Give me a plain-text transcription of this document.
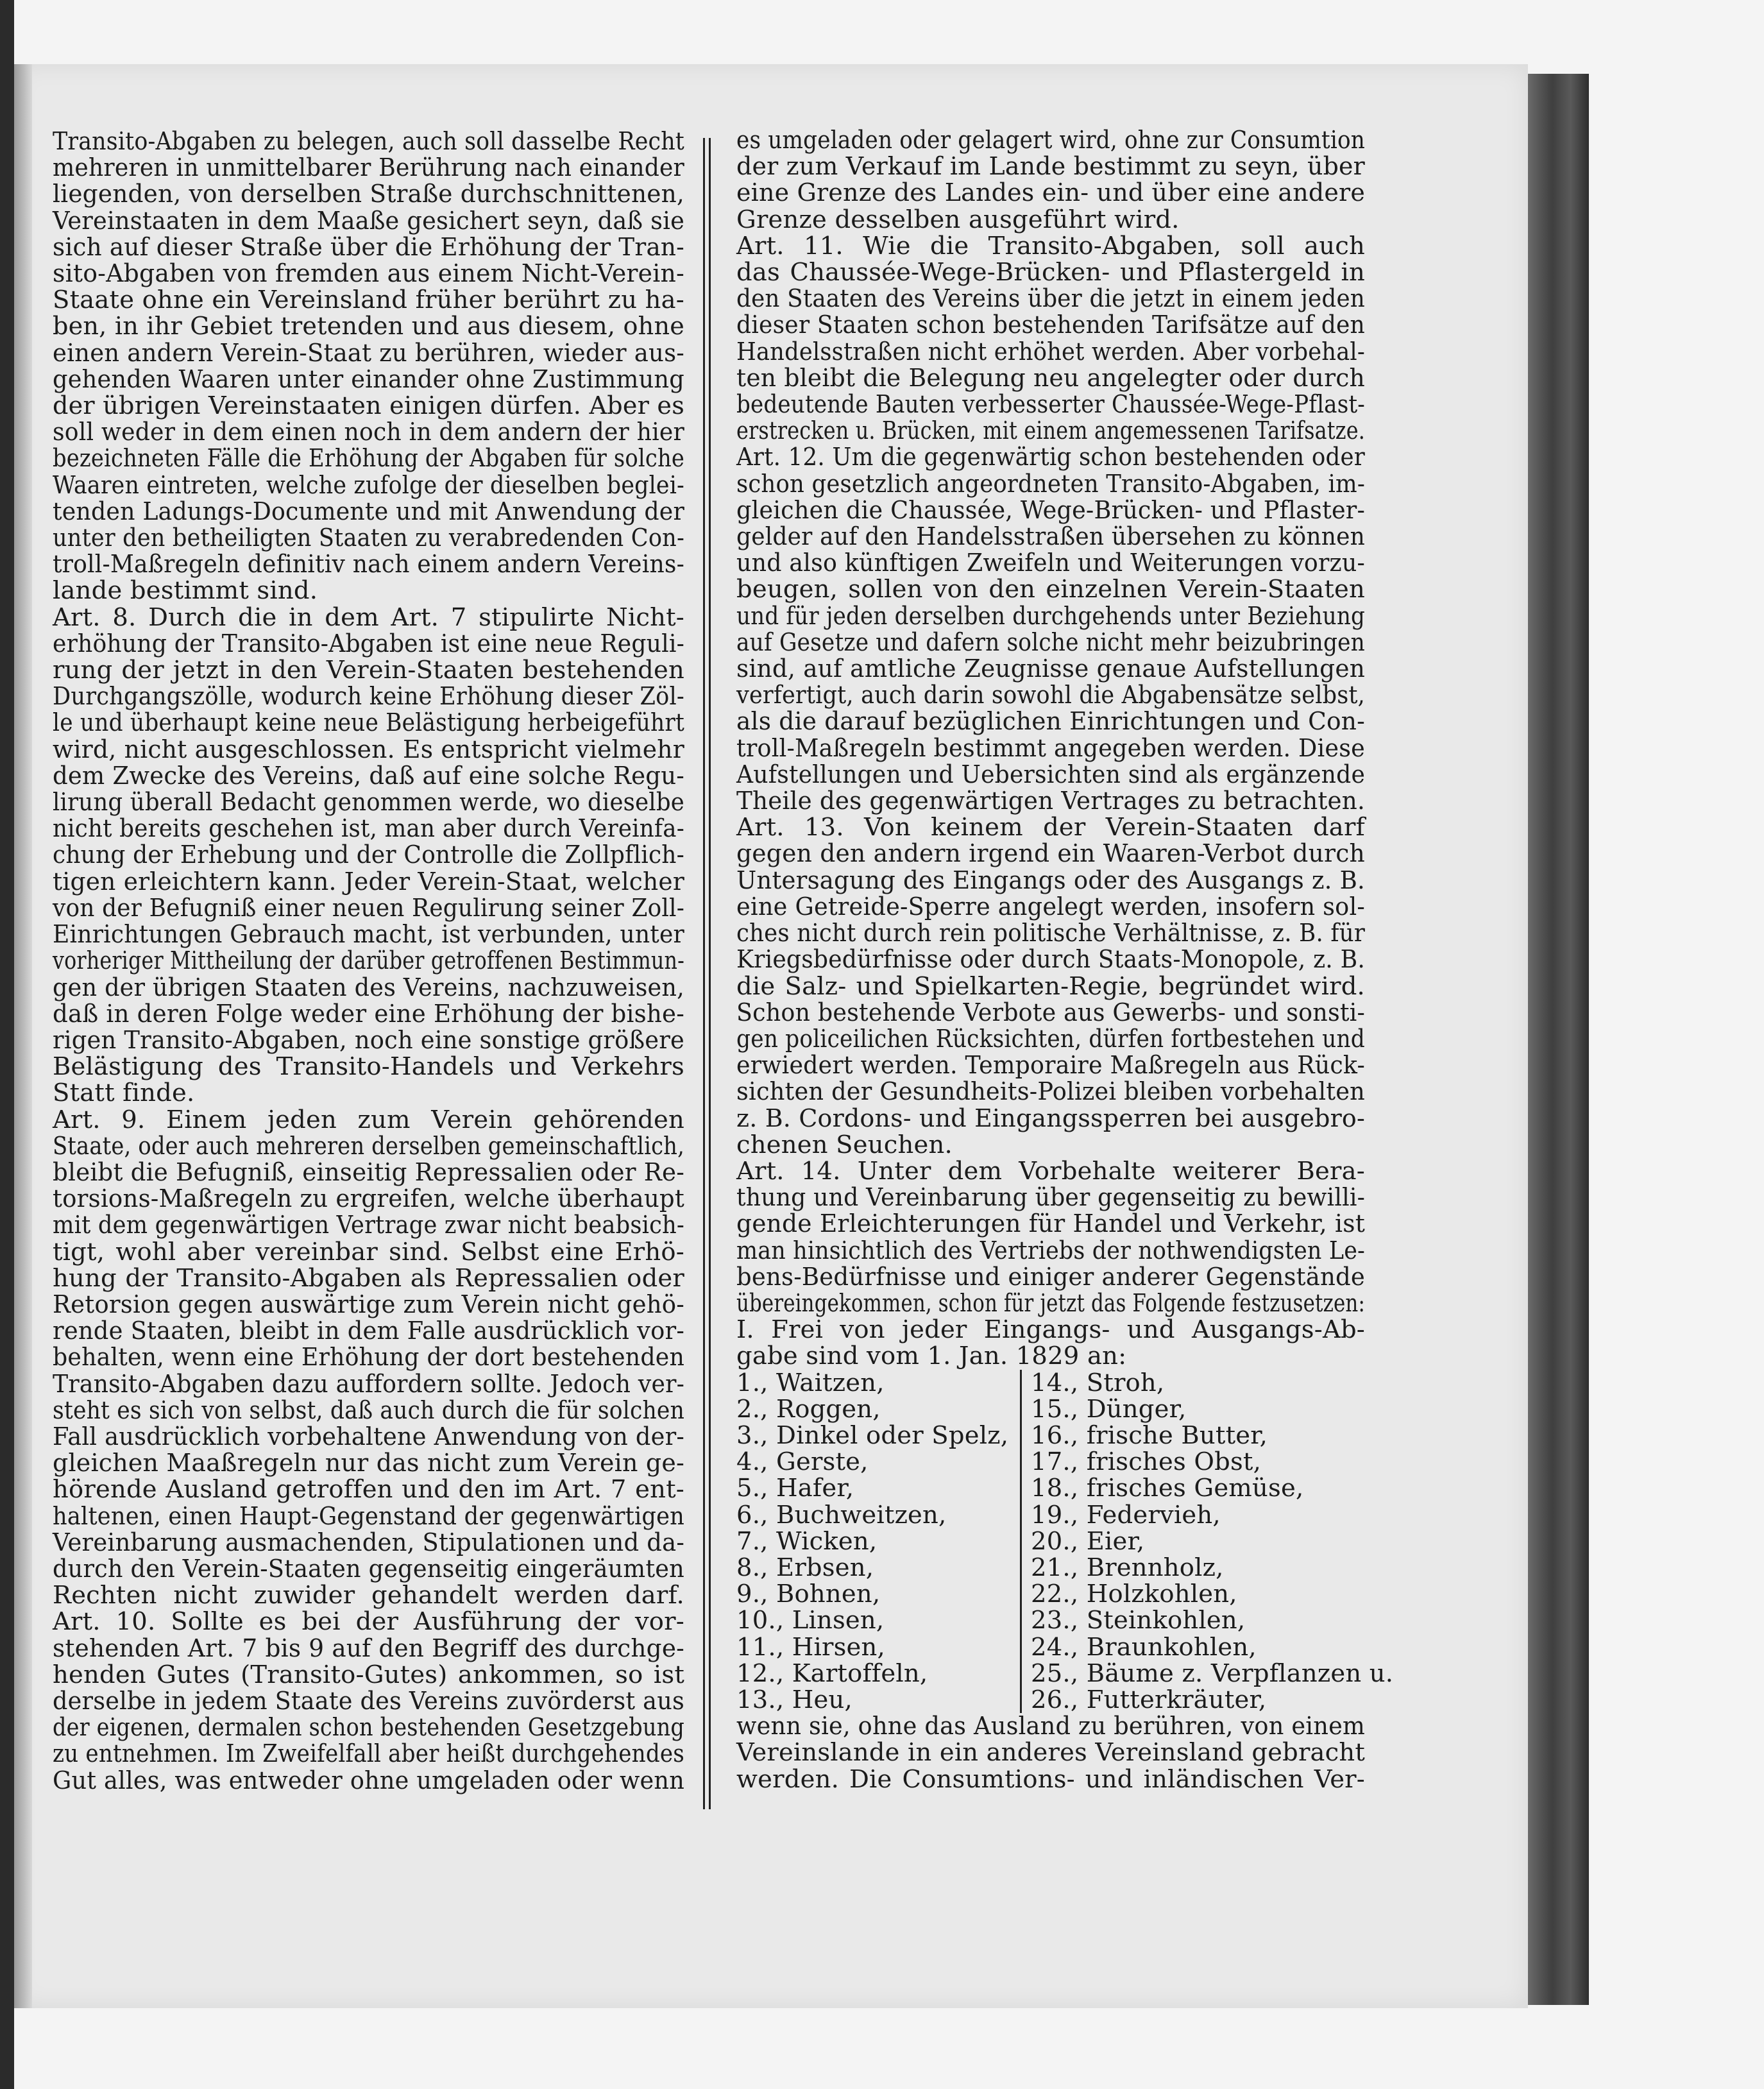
Transito-Abgaben zu belegen, auch soll dasselbe Recht
mehreren in unmittelbarer Berührung nach einander
liegenden, von derselben Straße durchschnittenen,
Vereinstaaten in dem Maaße gesichert seyn, daß sie
sich auf dieser Straße über die Erhöhung der Tran-
sito-Abgaben von fremden aus einem Nicht-Verein-
Staate ohne ein Vereinsland früher berührt zu ha-
ben, in ihr Gebiet tretenden und aus diesem, ohne
einen andern Verein-Staat zu berühren, wieder aus-
gehenden Waaren unter einander ohne Zustimmung
der übrigen Vereinstaaten einigen dürfen. Aber es
soll weder in dem einen noch in dem andern der hier
bezeichneten Fälle die Erhöhung der Abgaben für solche
Waaren eintreten, welche zufolge der dieselben beglei-
tenden Ladungs-Documente und mit Anwendung der
unter den betheiligten Staaten zu verabredenden Con-
troll-Maßregeln definitiv nach einem andern Vereins-
lande bestimmt sind.
Art. 8. Durch die in dem Art. 7 stipulirte Nicht-
erhöhung der Transito-Abgaben ist eine neue Reguli-
rung der jetzt in den Verein-Staaten bestehenden
Durchgangszölle, wodurch keine Erhöhung dieser Zöl-
le und überhaupt keine neue Belästigung herbeigeführt
wird, nicht ausgeschlossen. Es entspricht vielmehr
dem Zwecke des Vereins, daß auf eine solche Regu-
lirung überall Bedacht genommen werde, wo dieselbe
nicht bereits geschehen ist, man aber durch Vereinfa-
chung der Erhebung und der Controlle die Zollpflich-
tigen erleichtern kann. Jeder Verein-Staat, welcher
von der Befugniß einer neuen Regulirung seiner Zoll-
Einrichtungen Gebrauch macht, ist verbunden, unter
vorheriger Mittheilung der darüber getroffenen Bestimmun-
gen der übrigen Staaten des Vereins, nachzuweisen,
daß in deren Folge weder eine Erhöhung der bishe-
rigen Transito-Abgaben, noch eine sonstige größere
Belästigung des Transito-Handels und Verkehrs
Statt finde.
Art. 9. Einem jeden zum Verein gehörenden
Staate, oder auch mehreren derselben gemeinschaftlich,
bleibt die Befugniß, einseitig Repressalien oder Re-
torsions-Maßregeln zu ergreifen, welche überhaupt
mit dem gegenwärtigen Vertrage zwar nicht beabsich-
tigt, wohl aber vereinbar sind. Selbst eine Erhö-
hung der Transito-Abgaben als Repressalien oder
Retorsion gegen auswärtige zum Verein nicht gehö-
rende Staaten, bleibt in dem Falle ausdrücklich vor-
behalten, wenn eine Erhöhung der dort bestehenden
Transito-Abgaben dazu auffordern sollte. Jedoch ver-
steht es sich von selbst, daß auch durch die für solchen
Fall ausdrücklich vorbehaltene Anwendung von der-
gleichen Maaßregeln nur das nicht zum Verein ge-
hörende Ausland getroffen und den im Art. 7 ent-
haltenen, einen Haupt-Gegenstand der gegenwärtigen
Vereinbarung ausmachenden, Stipulationen und da-
durch den Verein-Staaten gegenseitig eingeräumten
Rechten nicht zuwider gehandelt werden darf.
Art. 10. Sollte es bei der Ausführung der vor-
stehenden Art. 7 bis 9 auf den Begriff des durchge-
henden Gutes (Transito-Gutes) ankommen, so ist
derselbe in jedem Staate des Vereins zuvörderst aus
der eigenen, dermalen schon bestehenden Gesetzgebung
zu entnehmen. Im Zweifelfall aber heißt durchgehendes
Gut alles, was entweder ohne umgeladen oder wenn
es umgeladen oder gelagert wird, ohne zur Consumtion
der zum Verkauf im Lande bestimmt zu seyn, über
eine Grenze des Landes ein- und über eine andere
Grenze desselben ausgeführt wird.
Art. 11. Wie die Transito-Abgaben, soll auch
das Chaussée-Wege-Brücken- und Pflastergeld in
den Staaten des Vereins über die jetzt in einem jeden
dieser Staaten schon bestehenden Tarifsätze auf den
Handelsstraßen nicht erhöhet werden. Aber vorbehal-
ten bleibt die Belegung neu angelegter oder durch
bedeutende Bauten verbesserter Chaussée-Wege-Pflast-
erstrecken u. Brücken, mit einem angemessenen Tarifsatze.
Art. 12. Um die gegenwärtig schon bestehenden oder
schon gesetzlich angeordneten Transito-Abgaben, im-
gleichen die Chaussée, Wege-Brücken- und Pflaster-
gelder auf den Handelsstraßen übersehen zu können
und also künftigen Zweifeln und Weiterungen vorzu-
beugen, sollen von den einzelnen Verein-Staaten
und für jeden derselben durchgehends unter Beziehung
auf Gesetze und dafern solche nicht mehr beizubringen
sind, auf amtliche Zeugnisse genaue Aufstellungen
verfertigt, auch darin sowohl die Abgabensätze selbst,
als die darauf bezüglichen Einrichtungen und Con-
troll-Maßregeln bestimmt angegeben werden. Diese
Aufstellungen und Uebersichten sind als ergänzende
Theile des gegenwärtigen Vertrages zu betrachten.
Art. 13. Von keinem der Verein-Staaten darf
gegen den andern irgend ein Waaren-Verbot durch
Untersagung des Eingangs oder des Ausgangs z. B.
eine Getreide-Sperre angelegt werden, insofern sol-
ches nicht durch rein politische Verhältnisse, z. B. für
Kriegsbedürfnisse oder durch Staats-Monopole, z. B.
die Salz- und Spielkarten-Regie, begründet wird.
Schon bestehende Verbote aus Gewerbs- und sonsti-
gen policeilichen Rücksichten, dürfen fortbestehen und
erwiedert werden. Temporaire Maßregeln aus Rück-
sichten der Gesundheits-Polizei bleiben vorbehalten
z. B. Cordons- und Eingangssperren bei ausgebro-
chenen Seuchen.
Art. 14. Unter dem Vorbehalte weiterer Bera-
thung und Vereinbarung über gegenseitig zu bewilli-
gende Erleichterungen für Handel und Verkehr, ist
man hinsichtlich des Vertriebs der nothwendigsten Le-
bens-Bedürfnisse und einiger anderer Gegenstände
übereingekommen, schon für jetzt das Folgende festzusetzen:
I. Frei von jeder Eingangs- und Ausgangs-Ab-
gabe sind vom 1. Jan. 1829 an:
1., Waitzen,
2., Roggen,
3., Dinkel oder Spelz,
4., Gerste,
5., Hafer,
6., Buchweitzen,
7., Wicken,
8., Erbsen,
9., Bohnen,
10., Linsen,
11., Hirsen,
12., Kartoffeln,
13., Heu,
14., Stroh,
15., Dünger,
16., frische Butter,
17., frisches Obst,
18., frisches Gemüse,
19., Federvieh,
20., Eier,
21., Brennholz,
22., Holzkohlen,
23., Steinkohlen,
24., Braunkohlen,
25., Bäume z. Verpflanzen u.
26., Futterkräuter,
wenn sie, ohne das Ausland zu berühren, von einem
Vereinslande in ein anderes Vereinsland gebracht
werden. Die Consumtions- und inländischen Ver-
